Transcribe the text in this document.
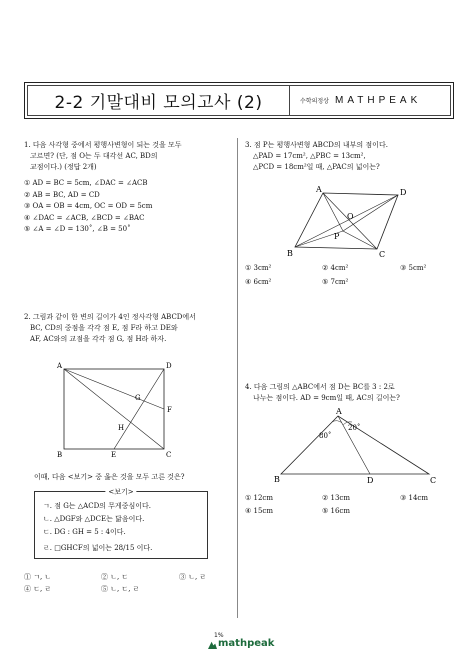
2-2 기말대비 모의고사 (2)	수학의정상 MATHPEAK

1. 다음 사각형 중에서 평행사변형이 되는 것을 모두

고르면? (단, 점 O는 두 대각선 AC, BD의

교점이다.) (정답 2개)

① AD = BC = 5cm, ∠DAC = ∠ACB

② AB = BC, AD = CD

③ OA = OB = 4cm, OC = OD = 5cm

④ ∠DAC = ∠ACB, ∠BCD = ∠BAC

⑤ ∠A = ∠D = 130˚, ∠B = 50˚

2. 그림과 같이 한 변의 길이가 4인 정사각형 ABCD에서

BC, CD의 중점을 각각 점 E, 점 F라 하고 DE와

AF, AC와의 교점을 각각 점 G, 점 H라 하자.

A	D
B	E	C
F
G
H

이때, 다음 <보기> 중 옳은 것을 모두 고른 것은?

<보기>
ㄱ. 점 G는 △ACD의 무게중심이다.
ㄴ. △DGF와 △DCE는 닮음이다.
ㄷ. DG : GH = 5 : 4이다.
ㄹ. □GHCF의 넓이는 28/15 이다.
① ㄱ, ㄴ	② ㄴ, ㄷ	③ ㄴ, ㄹ
④ ㄷ, ㄹ	⑤ ㄴ, ㄷ, ㄹ

3. 점 P는 평행사변형 ABCD의 내부의 점이다.

△PAD = 17cm², △PBC = 13cm²,

△PCD = 18cm²일 때, △PAC의 넓이는?

A	D
O
P
B	C
① 3cm²	② 4cm²	③ 5cm²
④ 6cm²	⑤ 7cm²

4. 다음 그림의 △ABC에서 점 D는 BC를 3 : 2로

나누는 점이다. AD = 9cm일 때, AC의 길이는?

A
B	D	C
80˚
20˚
① 12cm	② 13cm	③ 14cm
④ 15cm	⑤ 16cm
1%
mathpeak
